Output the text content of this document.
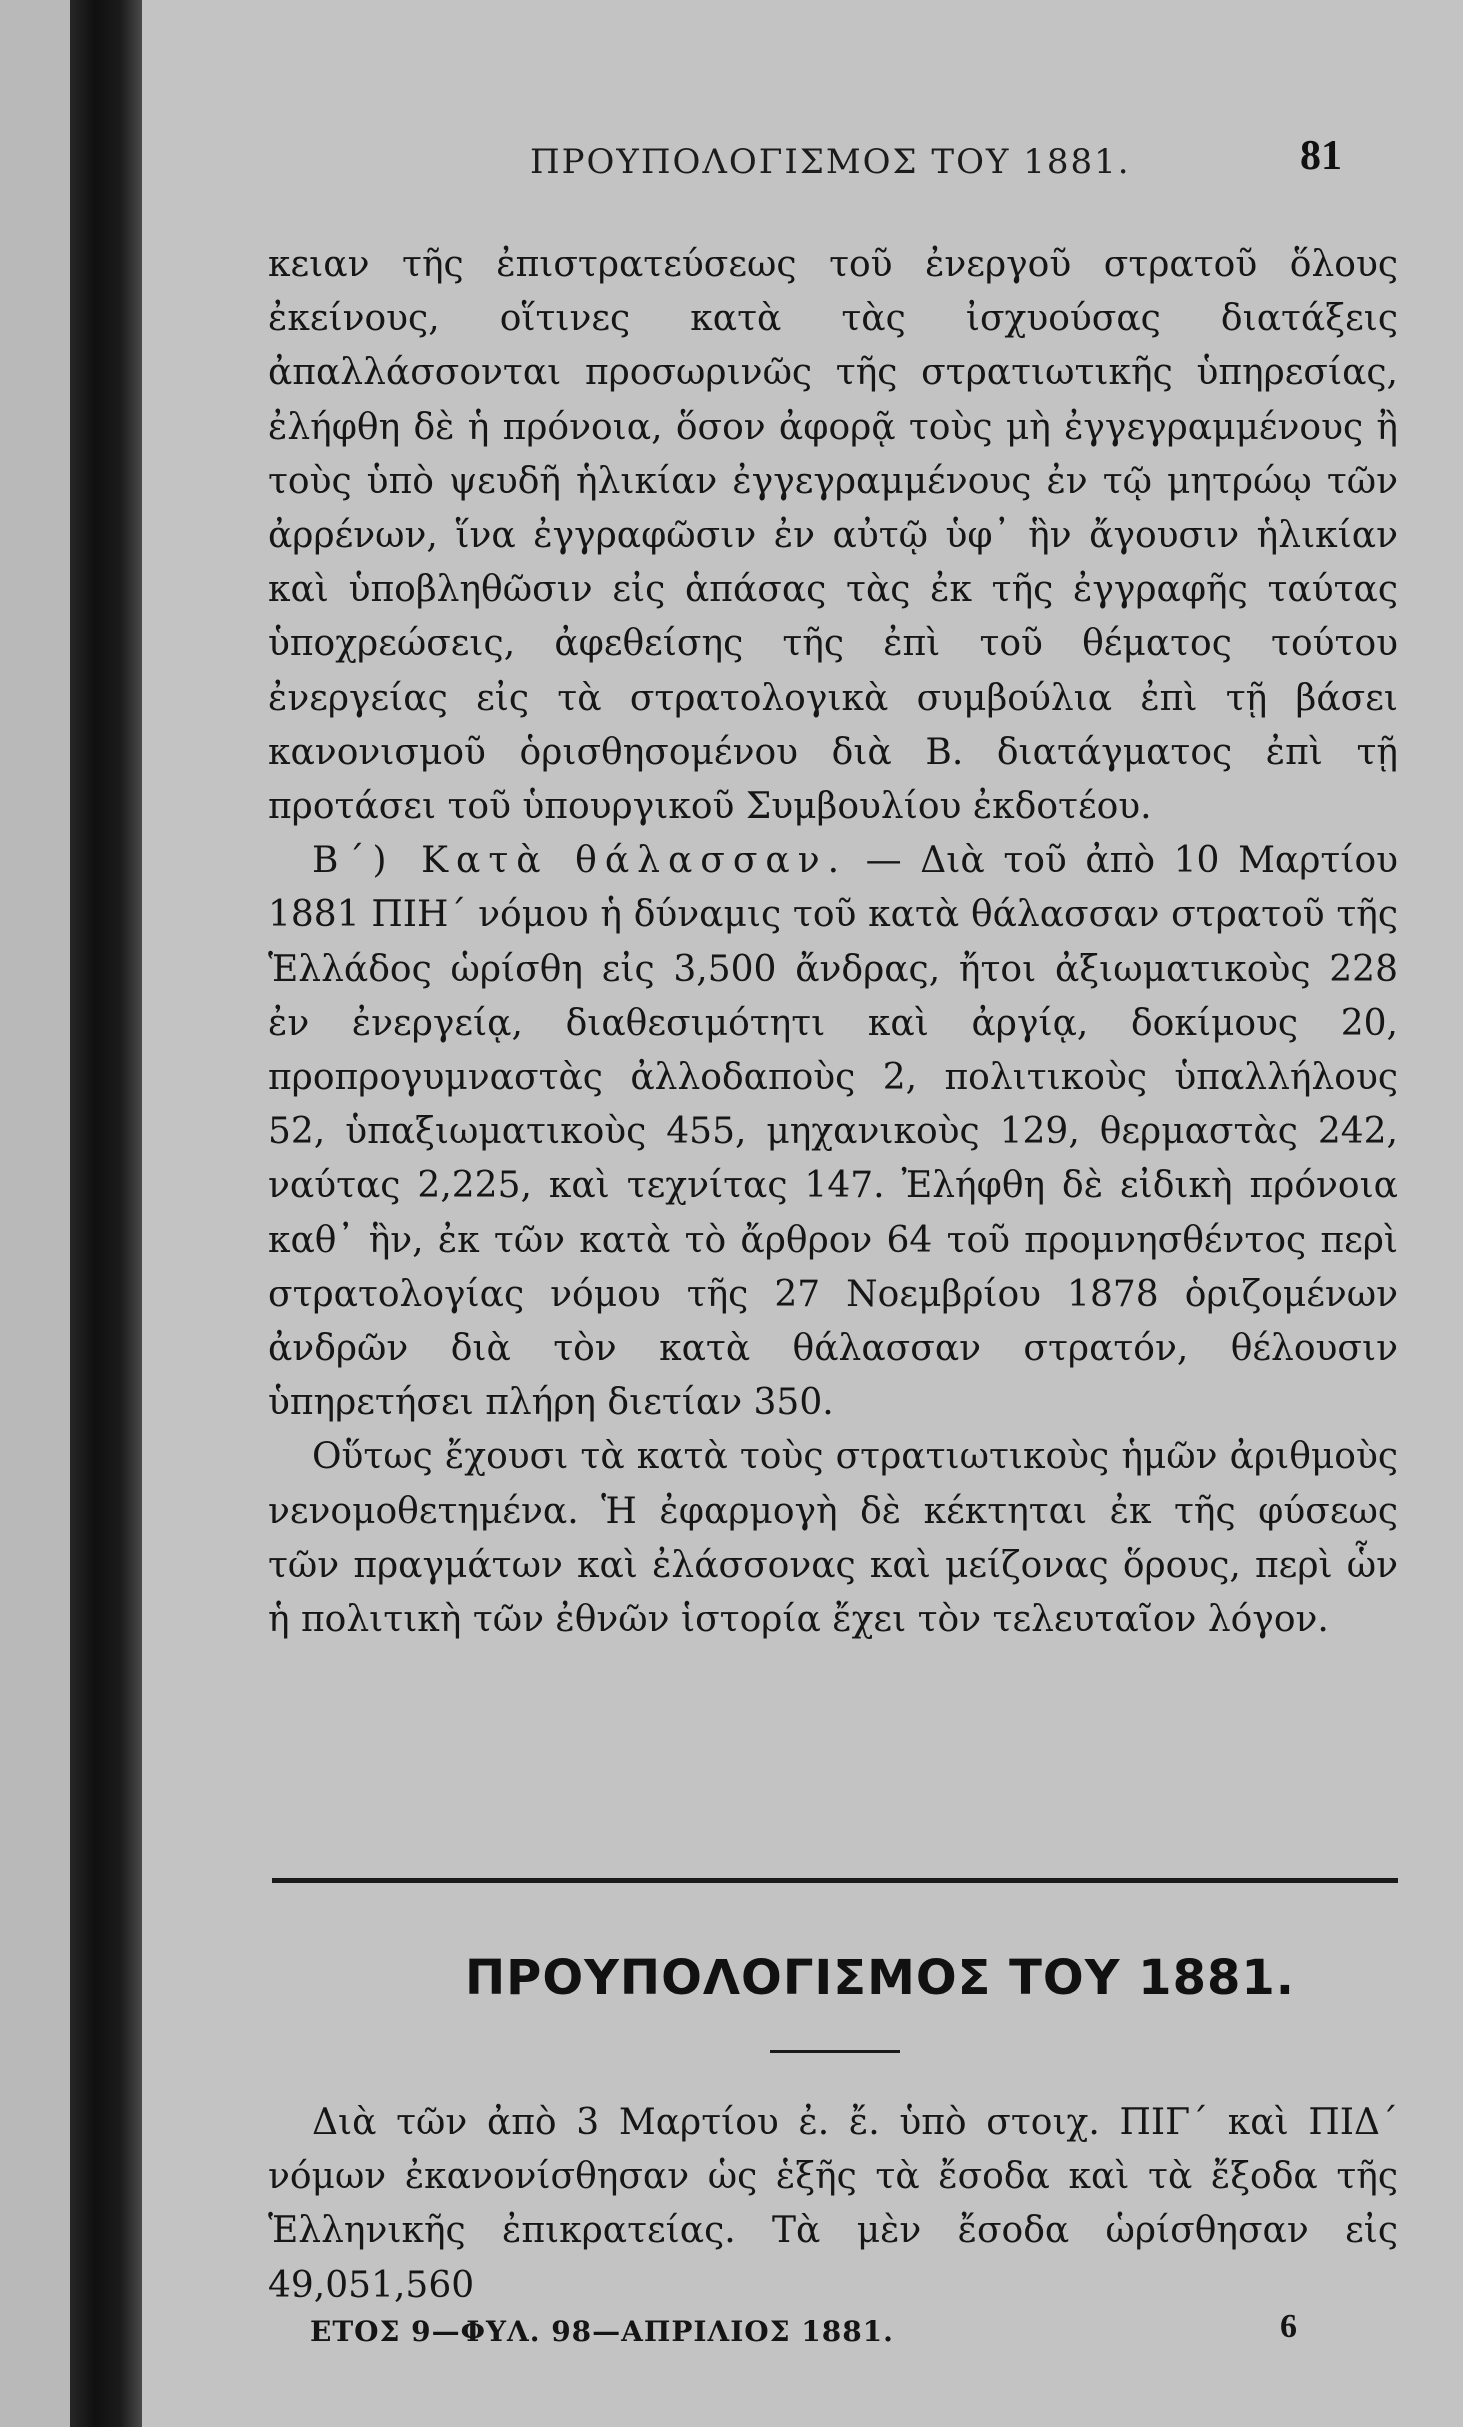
ΠΡΟΥΠΟΛΟΓΙΣΜΟΣ ΤΟΥ 1881.	81

κειαν τῆς ἐπιστρατεύσεως τοῦ ἐνεργοῦ στρατοῦ ὅλους ἐκείνους, οἵτινες κατὰ τὰς ἰσχυούσας διατάξεις ἀπαλλάσσονται προσωρινῶς τῆς στρατιωτικῆς ὑπηρεσίας, ἐλήφθη δὲ ἡ πρόνοια, ὅσον ἀφορᾷ τοὺς μὴ ἐγγεγραμμένους ἢ τοὺς ὑπὸ ψευδῆ ἡλικίαν ἐγγεγραμμένους ἐν τῷ μητρώῳ τῶν ἀρρένων, ἵνα ἐγγραφῶσιν ἐν αὐτῷ ὑφ᾽ ἣν ἄγουσιν ἡλικίαν καὶ ὑποβληθῶσιν εἰς ἁπάσας τὰς ἐκ τῆς ἐγγραφῆς ταύτας ὑποχρεώσεις, ἀφεθείσης τῆς ἐπὶ τοῦ θέματος τούτου ἐνεργείας εἰς τὰ στρατολογικὰ συμβούλια ἐπὶ τῇ βάσει κανονισμοῦ ὁρισθησομένου διὰ Β. διατάγματος ἐπὶ τῇ προτάσει τοῦ ὑπουργικοῦ Συμβουλίου ἐκδοτέου.

Β΄) Κατὰ θάλασσαν. — Διὰ τοῦ ἀπὸ 10 Μαρτίου 1881 ΠΙΗ΄ νόμου ἡ δύναμις τοῦ κατὰ θάλασσαν στρατοῦ τῆς Ἑλλάδος ὡρίσθη εἰς 3,500 ἄνδρας, ἤτοι ἀξιωματικοὺς 228 ἐν ἐνεργείᾳ, διαθεσιμότητι καὶ ἀργίᾳ, δοκίμους 20, προπρογυμναστὰς ἀλλοδαποὺς 2, πολιτικοὺς ὑπαλλήλους 52, ὑπαξιωματικοὺς 455, μηχανικοὺς 129, θερμαστὰς 242, ναύτας 2,225, καὶ τεχνίτας 147. Ἐλήφθη δὲ εἰδικὴ πρόνοια καθ᾽ ἣν, ἐκ τῶν κατὰ τὸ ἄρθρον 64 τοῦ προμνησθέντος περὶ στρατολογίας νόμου τῆς 27 Νοεμβρίου 1878 ὁριζομένων ἀνδρῶν διὰ τὸν κατὰ θάλασσαν στρατόν, θέλουσιν ὑπηρετήσει πλήρη διετίαν 350.

Οὕτως ἔχουσι τὰ κατὰ τοὺς στρατιωτικοὺς ἡμῶν ἀριθμοὺς νενομοθετημένα. Ἡ ἐφαρμογὴ δὲ κέκτηται ἐκ τῆς φύσεως τῶν πραγμάτων καὶ ἐλάσσονας καὶ μείζονας ὅρους, περὶ ὧν ἡ πολιτικὴ τῶν ἐθνῶν ἱστορία ἔχει τὸν τελευταῖον λόγον.

ΠΡΟΥΠΟΛΟΓΙΣΜΟΣ ΤΟΥ 1881.

Διὰ τῶν ἀπὸ 3 Μαρτίου ἐ. ἔ. ὑπὸ στοιχ. ΠΙΓ΄ καὶ ΠΙΔ΄ νόμων ἐκανονίσθησαν ὡς ἑξῆς τὰ ἔσοδα καὶ τὰ ἔξοδα τῆς Ἑλληνικῆς ἐπικρατείας. Τὰ μὲν ἔσοδα ὡρίσθησαν εἰς 49,051,560

ΕΤΟΣ 9—ΦΥΛ. 98—ΑΠΡΙΛΙΟΣ 1881.	6
